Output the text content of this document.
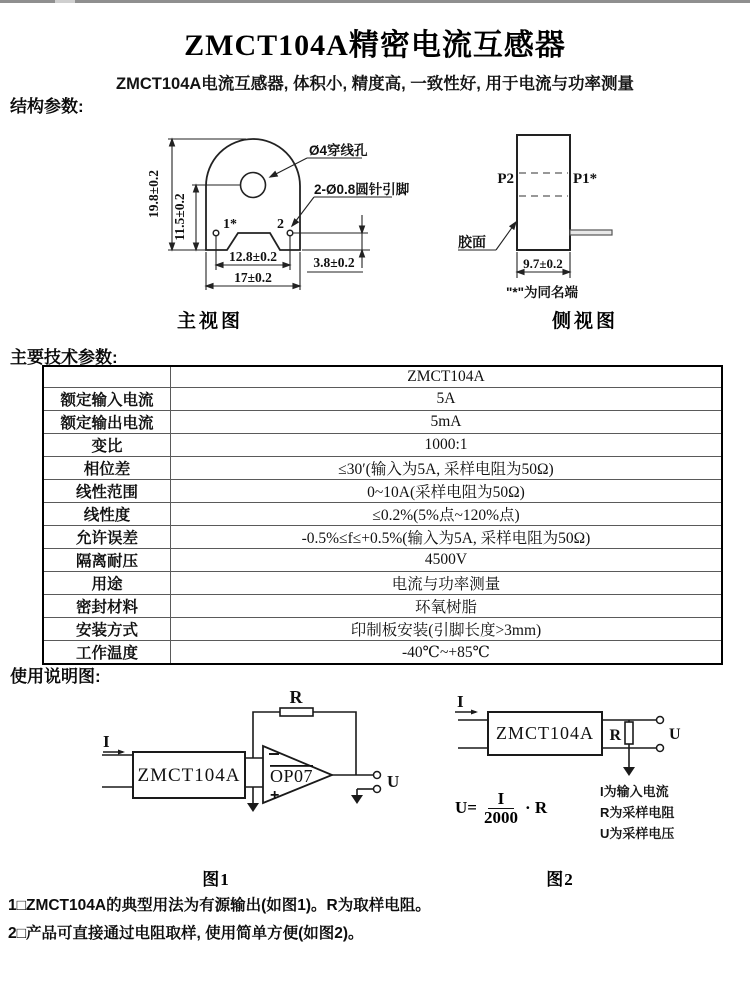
ZMCT104A精密电流互感器
ZMCT104A电流互感器, 体积小, 精度高, 一致性好, 用于电流与功率测量
结构参数:
Ø4穿线孔
2-Ø0.8圆针引脚
1*	2
19.8±0.2 11.5±0.2
12.8±0.2
17±0.2
3.8±0.2
P2	P1*
胶面
9.7±0.2
"*"为同名端
主视图	侧视图
主要技术参数:
	ZMCT104A
额定输入电流	5A
额定输出电流	5mA
变比	1000:1
相位差	≤30′(输入为5A, 采样电阻为50Ω)
线性范围	0~10A(采样电阻为50Ω)
线性度	≤0.2%(5%点~120%点)
允许误差	-0.5%≤f≤+0.5%(输入为5A, 采样电阻为50Ω)
隔离耐压	4500V
用途	电流与功率测量
密封材料	环氧树脂
安装方式	印制板安装(引脚长度>3mm)
工作温度	-40℃~+85℃
使用说明图:
I
R
ZMCT104A OP07
+
U
I
ZMCT104A R	U
$U= \frac{I}{2000} \cdot R$
I为输入电流
R为采样电阻
U为采样电压
图1	图2
1□ZMCT104A的典型用法为有源输出(如图1)。R为取样电阻。
2□产品可直接通过电阻取样, 使用简单方便(如图2)。
